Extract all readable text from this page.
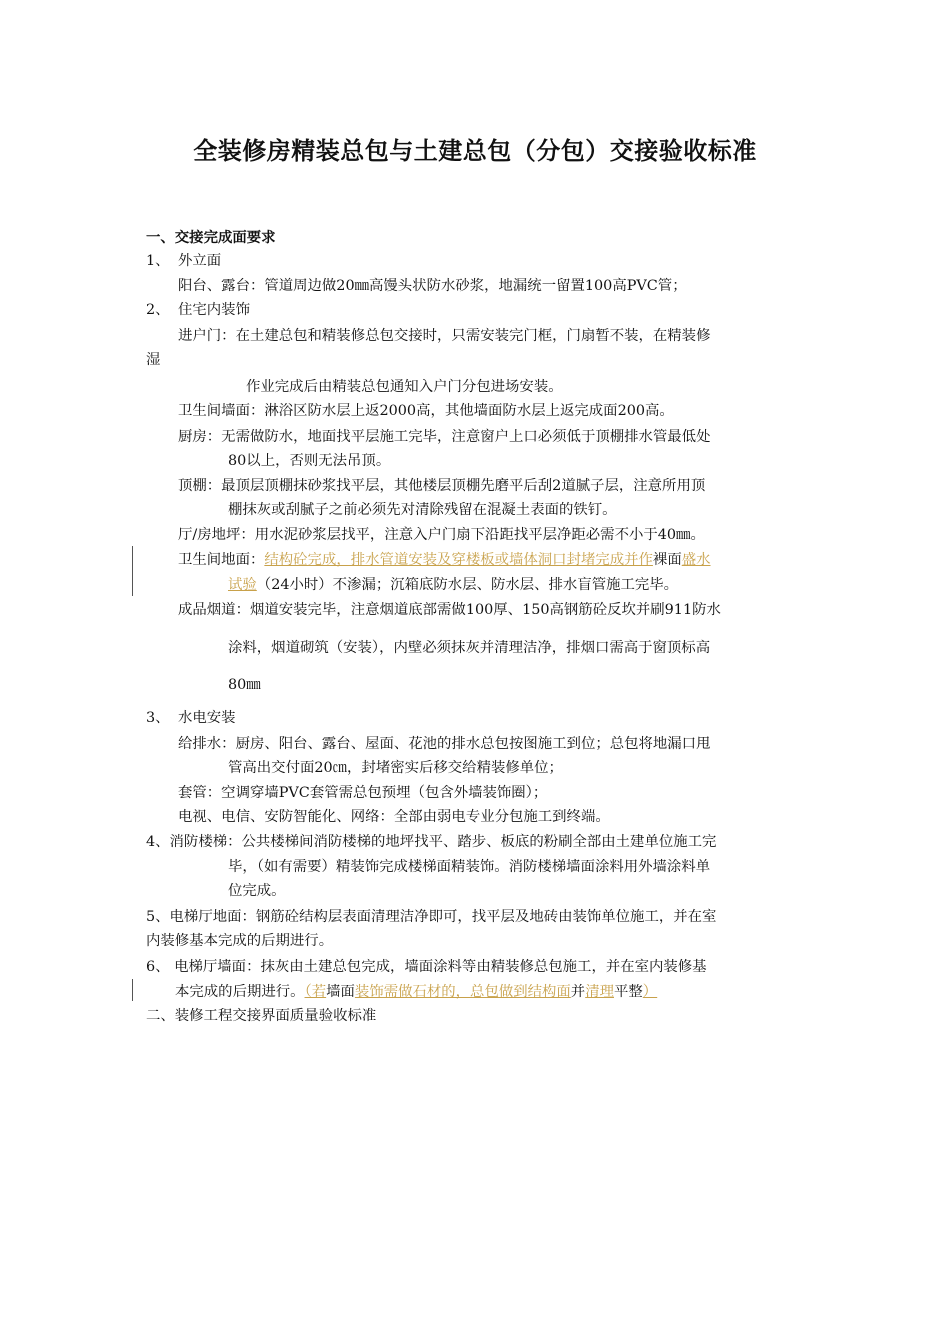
全装修房精装总包与土建总包（分包）交接验收标准
一、交接完成面要求
1、 外立面
阳台、露台：管道周边做20㎜高馒头状防水砂浆，地漏统一留置100高PVC管；
2、 住宅内装饰
进户门：在土建总包和精装修总包交接时，只需安装完门框，门扇暂不装，在精装修
湿
作业完成后由精装总包通知入户门分包进场安装。
卫生间墙面：淋浴区防水层上返2000高，其他墙面防水层上返完成面200高。
厨房：无需做防水，地面找平层施工完毕，注意窗户上口必须低于顶棚排水管最低处
80以上，否则无法吊顶。
顶棚：最顶层顶棚抹砂浆找平层，其他楼层顶棚先磨平后刮2道腻子层，注意所用顶
棚抹灰或刮腻子之前必须先对清除残留在混凝土表面的铁钉。
厅/房地坪：用水泥砂浆层找平，注意入户门扇下沿距找平层净距必需不小于40㎜。
卫生间地面：结构砼完成，排水管道安装及穿楼板或墙体洞口封堵完成并作裸面盛水
试验（24小时）不渗漏；沉箱底防水层、防水层、排水盲管施工完毕。
成品烟道：烟道安装完毕，注意烟道底部需做100厚、150高钢筋砼反坎并刷911防水
涂料，烟道砌筑（安装），内壁必须抹灰并清理洁净，排烟口需高于窗顶标高
80㎜
3、 水电安装
给排水：厨房、阳台、露台、屋面、花池的排水总包按图施工到位；总包将地漏口甩
管高出交付面20㎝，封堵密实后移交给精装修单位；
套管：空调穿墙PVC套管需总包预埋（包含外墙装饰圈）；
电视、电信、安防智能化、网络：全部由弱电专业分包施工到终端。
4、消防楼梯：公共楼梯间消防楼梯的地坪找平、踏步、板底的粉刷全部由土建单位施工完
毕，（如有需要）精装饰完成楼梯面精装饰。消防楼梯墙面涂料用外墙涂料单
位完成。
5、电梯厅地面：钢筋砼结构层表面清理洁净即可，找平层及地砖由装饰单位施工，并在室
内装修基本完成的后期进行。
6、 电梯厅墙面：抹灰由土建总包完成，墙面涂料等由精装修总包施工，并在室内装修基
本完成的后期进行。（若墙面装饰需做石材的，总包做到结构面并清理平整）
二、装修工程交接界面质量验收标准
